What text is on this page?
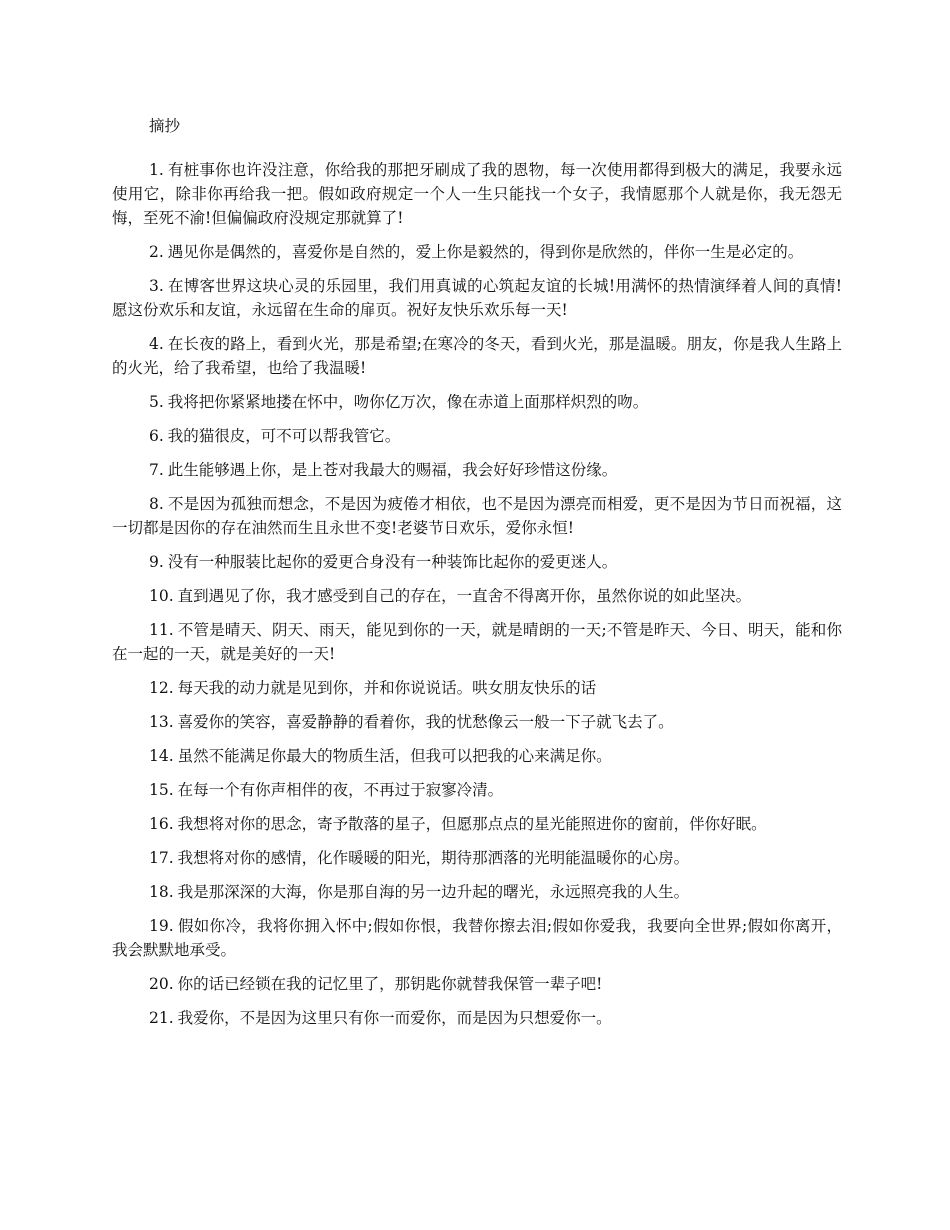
摘抄

1. 有桩事你也许没注意，你给我的那把牙刷成了我的恩物，每一次使用都得到极大的满足，我要永远使用它，除非你再给我一把。假如政府规定一个人一生只能找一个女子，我情愿那个人就是你，我无怨无悔，至死不渝!但偏偏政府没规定那就算了!

2. 遇见你是偶然的，喜爱你是自然的，爱上你是毅然的，得到你是欣然的，伴你一生是必定的。

3. 在博客世界这块心灵的乐园里，我们用真诚的心筑起友谊的长城!用满怀的热情演绎着人间的真情!愿这份欢乐和友谊，永远留在生命的扉页。祝好友快乐欢乐每一天!

4. 在长夜的路上，看到火光，那是希望;在寒冷的冬天，看到火光，那是温暖。朋友，你是我人生路上的火光，给了我希望，也给了我温暖!

5. 我将把你紧紧地搂在怀中，吻你亿万次，像在赤道上面那样炽烈的吻。

6. 我的猫很皮，可不可以帮我管它。

7. 此生能够遇上你，是上苍对我最大的赐福，我会好好珍惜这份缘。

8. 不是因为孤独而想念，不是因为疲倦才相依，也不是因为漂亮而相爱，更不是因为节日而祝福，这一切都是因你的存在油然而生且永世不变!老婆节日欢乐，爱你永恒!

9. 没有一种服装比起你的爱更合身没有一种装饰比起你的爱更迷人。

10. 直到遇见了你，我才感受到自己的存在，一直舍不得离开你，虽然你说的如此坚决。

11. 不管是晴天、阴天、雨天，能见到你的一天，就是晴朗的一天;不管是昨天、今日、明天，能和你在一起的一天，就是美好的一天!

12. 每天我的动力就是见到你，并和你说说话。哄女朋友快乐的话

13. 喜爱你的笑容，喜爱静静的看着你，我的忧愁像云一般一下子就飞去了。

14. 虽然不能满足你最大的物质生活，但我可以把我的心来满足你。

15. 在每一个有你声相伴的夜，不再过于寂寥冷清。

16. 我想将对你的思念，寄予散落的星子，但愿那点点的星光能照进你的窗前，伴你好眠。

17. 我想将对你的感情，化作暖暖的阳光，期待那洒落的光明能温暖你的心房。

18. 我是那深深的大海，你是那自海的另一边升起的曙光，永远照亮我的人生。

19. 假如你冷，我将你拥入怀中;假如你恨，我替你擦去泪;假如你爱我，我要向全世界;假如你离开，我会默默地承受。

20. 你的话已经锁在我的记忆里了，那钥匙你就替我保管一辈子吧!

21. 我爱你，不是因为这里只有你一而爱你，而是因为只想爱你一。
